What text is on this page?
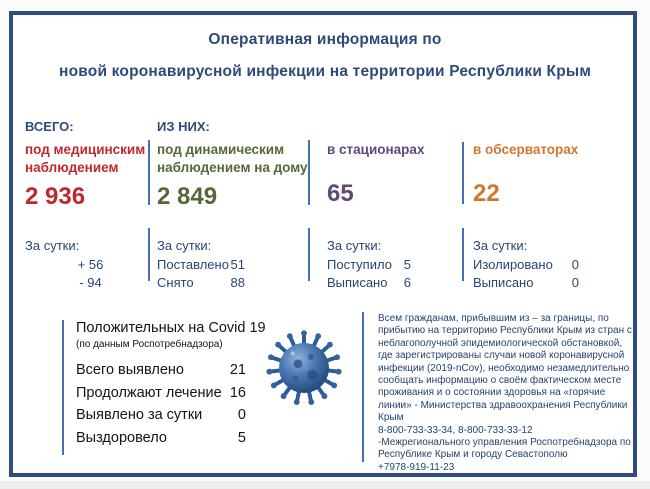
Оперативная информация по
новой коронавирусной инфекции на территории Республики Крым
ВСЕГО:	ИЗ НИХ:
под медицинским наблюдением
2 936
под динамическим наблюдением на дому
2 849
в стационарах
65
в обсерваторах
22
За сутки:
+ 56
- 94
За сутки:
Поставлено 51
Снято	88
За сутки:
Поступило 5
Выписано 6
За сутки:
Изолировано 0
Выписано	0
Положительных на Covid 19
(по данным Роспотребнадзора)
Всего выявлено	21
Продолжают лечение 16
Выявлено за сутки 0
Выздоровело	5
Всем гражданам, прибывшим из – за границы, по прибытию на территорию Республики Крым из стран с неблагополучной эпидемиологической обстановкой, где зарегистрированы случаи новой коронавирусной инфекции (2019-nCov), необходимо незамедлительно сообщать информацию о своём фактическом месте проживания и о состоянии здоровья на «горячие линии» - Министерства здравоохранения Республики Крым
8-800-733-33-34, 8-800-733-33-12
-Межрегионального управления Роспотребнадзора по Республике Крым и городу Севастополю
+7978-919-11-23
